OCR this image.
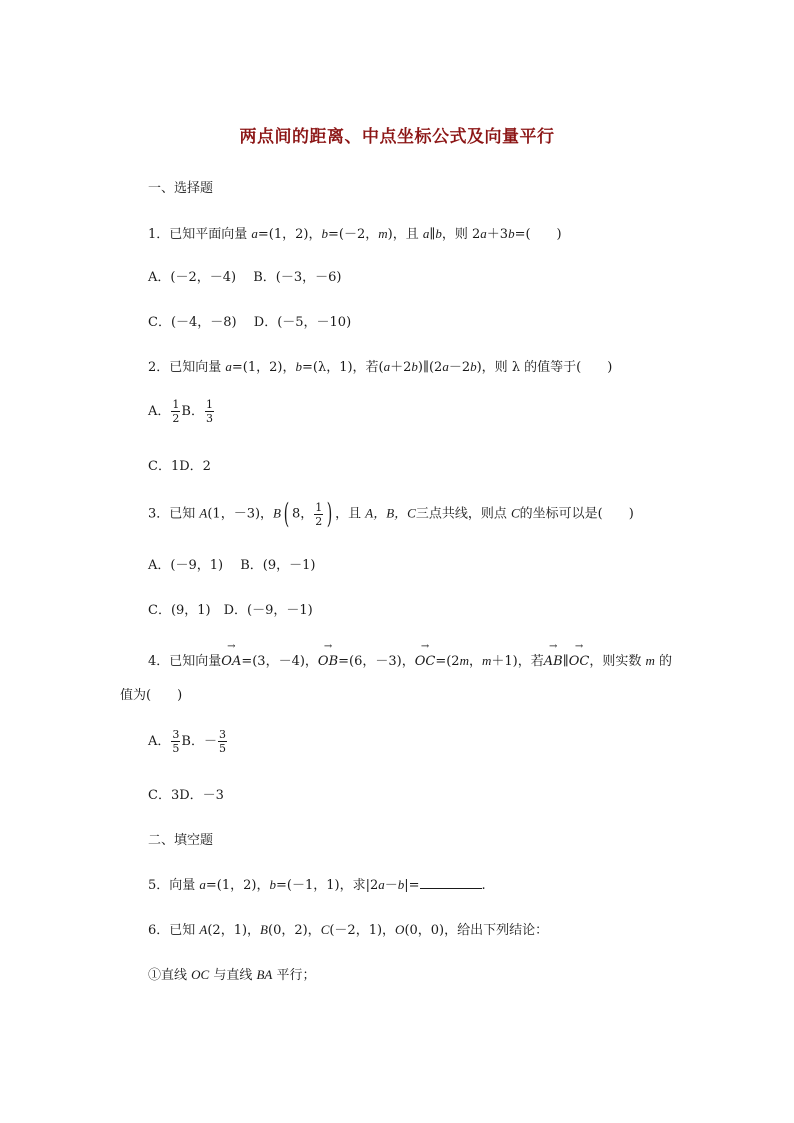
两点间的距离、中点坐标公式及向量平行
一、选择题
1．已知平面向量 a=(1，2)，b=(－2，m)，且 a∥b，则 2a＋3b=(　　)
A．(－2，－4)　 B．(－3，－6)
C．(－4，－8)　 D．(－5，－10)
2．已知向量 a=(1，2)，b=(λ，1)，若(a＋2b)∥(2a－2b)，则 λ 的值等于(　　)
A． $\frac{1}{2}$ B． $\frac{1}{3}$
C．1D．2
3．已知 A(1，－3)，B( 8， $\frac{1}{2}$ ) ，且 A，B，C三点共线，则点 C的坐标可以是(　　)
A．(－9，1)　 B．(9，－1)
C．(9，1)　D．(－9，－1)
4．已知向量→ OA=(3，－4)，→ OB=(6，－3)，→ OC=(2m，m＋1)，若→ AB∥→ OC，则实数 m 的
值为(　　)
A． $\frac{3}{5}$ B．－ $\frac{3}{5}$
C．3D．－3
二、填空题
5．向量 a=(1，2)，b=(－1，1)，求|2a－b|=	.
6．已知 A(2，1)，B(0，2)，C(－2，1)，O(0，0)，给出下列结论：
①直线 OC 与直线 BA 平行；
